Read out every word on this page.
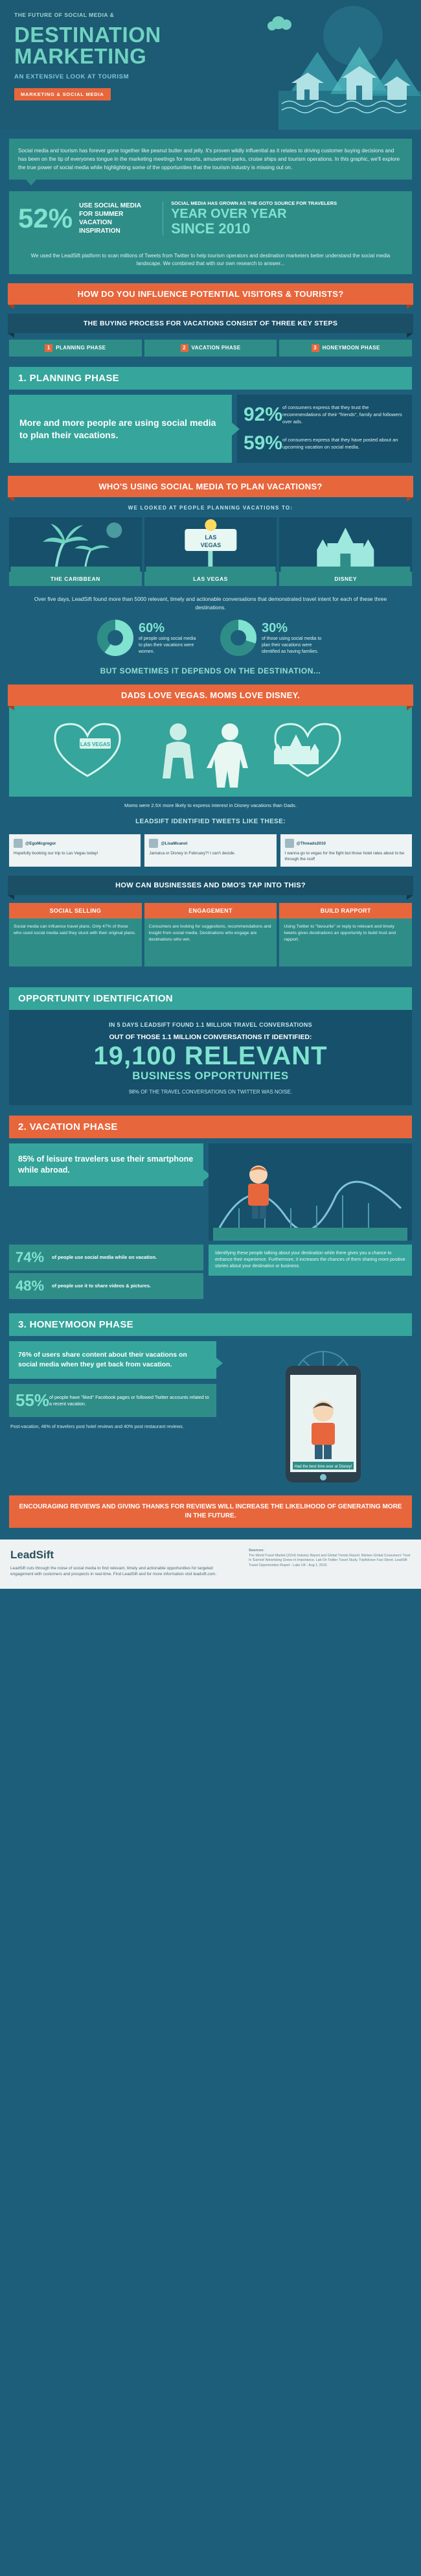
THE FUTURE OF SOCIAL MEDIA &
DESTINATION
MARKETING
AN EXTENSIVE LOOK AT TOURISM
MARKETING & SOCIAL MEDIA
Social media and tourism has forever gone together like peanut butter and jelly. It's proven wildly influential as it relates to driving customer buying decisions and has been on the tip of everyones tongue in the marketing meetings for resorts, amusement parks, cruise ships and tourism operations. In this graphic, we'll explore the true power of social media while highlighting some of the opportunities that the tourism industry is missing out on.
52%	USE SOCIAL MEDIA FOR SUMMER VACATION INSPIRATION
SOCIAL MEDIA HAS GROWN AS THE GOTO SOURCE FOR TRAVELERS
YEAR OVER YEAR
SINCE 2010
We used the LeadSift platform to scan millions of Tweets from Twitter to help tourism operators and destination marketers better understand the social media landscape. We combined that with our own research to answer...
HOW DO YOU INFLUENCE POTENTIAL VISITORS & TOURISTS?
THE BUYING PROCESS FOR VACATIONS CONSIST OF THREE KEY STEPS
1 PLANNING PHASE	2 VACATION PHASE	3 HONEYMOON PHASE
1. PLANNING PHASE
More and more people are using social media to plan their vacations.
92% of consumers express that they trust the recommendations of their "friends", family and followers over ads.
59% of consumers express that they have posted about an upcoming vacation on social media.
WHO'S USING SOCIAL MEDIA TO PLAN VACATIONS?
WE LOOKED AT PEOPLE PLANNING VACATIONS TO:
THE CARIBBEAN
LAS
VEGAS
LAS VEGAS	DISNEY
Over five days, LeadSift found more than 5000 relevant, timely and actionable conversations that demonstrated travel intent for each of these three destinations.
60%
of people using social media to plan their vacations were women.
30%
of those using social media to plan their vacations were identified as having families.
BUT SOMETIMES IT DEPENDS ON THE DESTINATION...
DADS LOVE VEGAS. MOMS LOVE DISNEY.
LAS VEGAS
Moms were 2.5X more likely to express interest in Disney vacations than Dads.
LEADSIFT IDENTIFIED TWEETS LIKE THESE:
@EgoMcgregor
Hopefully booking our trip to Las Vegas today!
@LisaMcanol
Jamaica or Disney in February?! I can't decide.
@Threads2010
I wanna go to vegas for the fight but those hotel rates about to be through the roof!
HOW CAN BUSINESSES AND DMO'S TAP INTO THIS?
SOCIAL SELLING
Social media can influence travel plans. Only 47% of those who used social media said they stuck with their original plans.
ENGAGEMENT
Consumers are looking for suggestions, recommendations and insight from social media. Destinations who engage are destinations who win.
BUILD RAPPORT
Using Twitter to "favourite" or reply to relevant and timely tweets gives destinations an opportunity to build trust and rapport.
OPPORTUNITY IDENTIFICATION
IN 5 DAYS LEADSIFT FOUND 1.1 MILLION TRAVEL CONVERSATIONS
OUT OF THOSE 1.1 MILLION CONVERSATIONS IT IDENTIFIED:
19,100 RELEVANT
BUSINESS OPPORTUNITIES
98% OF THE TRAVEL CONVERSATIONS ON TWITTER WAS NOISE.
2. VACATION PHASE
85% of leisure travelers use their smartphone while abroad.
74%	of people use social media while on vacation.
48%	of people use it to share videos & pictures.
Identifying these people talking about your destination while there gives you a chance to enhance their experience. Furthermore, it increases the chances of them sharing more positive stories about your destination or business.
3. HONEYMOON PHASE
76% of users share content about their vacations on social media when they get back from vacation.
55% of people have "liked" Facebook pages or followed Twitter accounts related to a recent vacation.
Post-vacation, 46% of travelers post hotel reviews and 40% post restaurant reviews.
Had the best time ever at Disney!
ENCOURAGING REVIEWS AND GIVING THANKS FOR REVIEWS WILL INCREASE THE LIKELIHOOD OF GENERATING MORE IN THE FUTURE.
LeadSift
LeadSift cuts through the noise of social media to find relevant, timely and actionable opportunities for targeted engagement with customers and prospects in real-time. Find LeadSift and for more information visit leadsift.com.
Sources:
The World Travel Market (2014) Industry Report and Global Trends Report. Nielsen Global Consumers' Trust In 'Earned' Advertising Grows In Importance. Lab On Twitter Travel Study. TripAdvisor Fact Sheet. LeadSift Travel Opportunities Report - Lake UK - Aug 1, 2015.
